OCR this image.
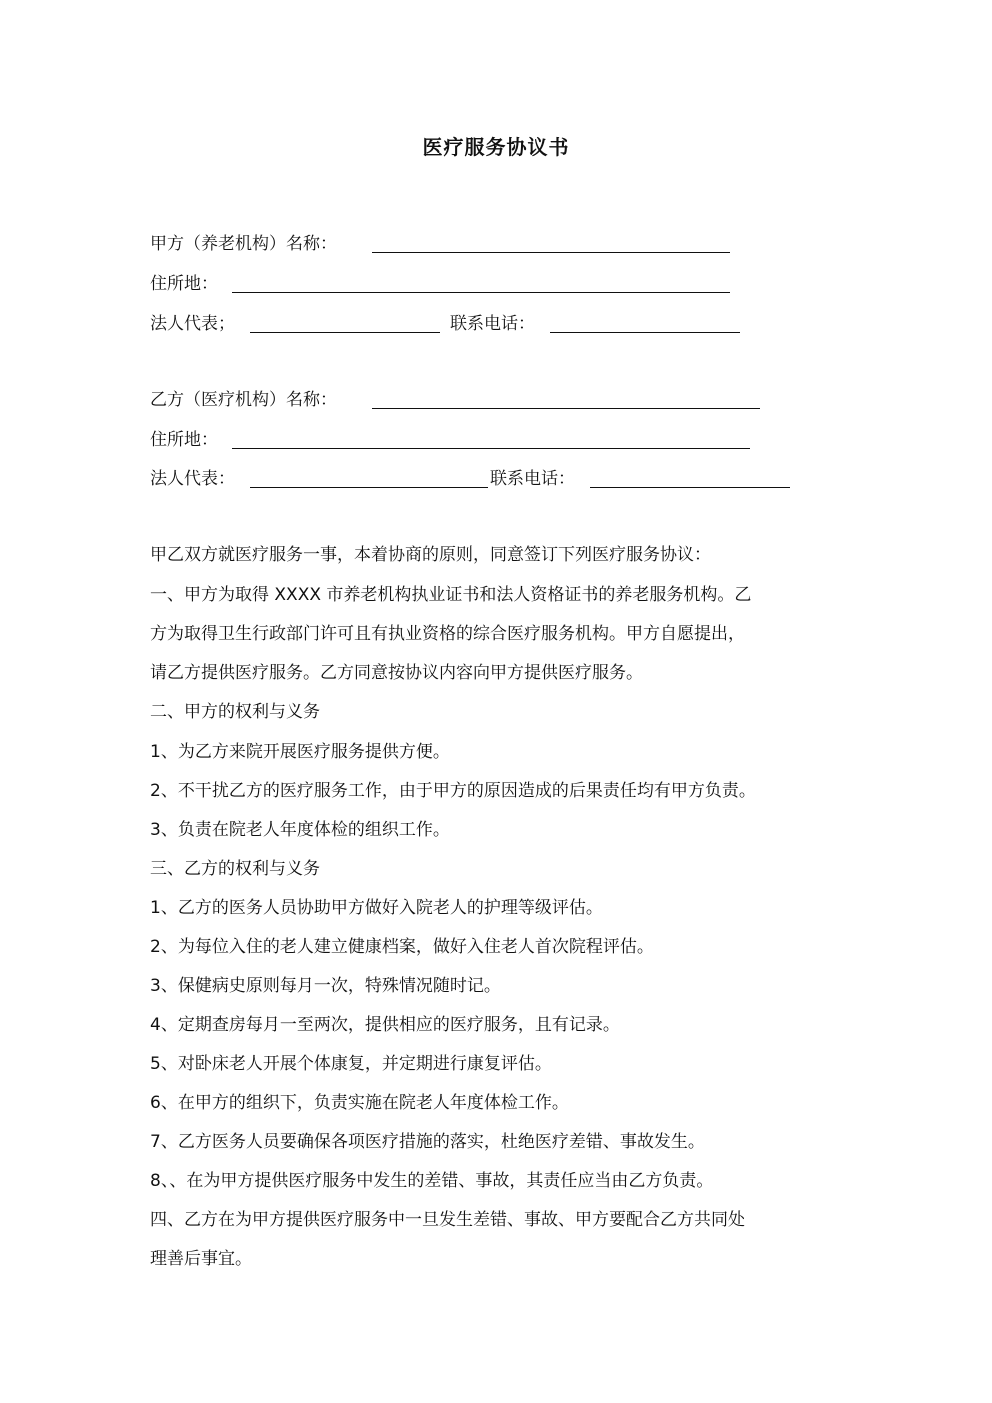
医疗服务协议书
甲方（养老机构）名称：
住所地：
法人代表；	联系电话：
乙方（医疗机构）名称：
住所地：
法人代表：	联系电话：
甲乙双方就医疗服务一事，本着协商的原则，同意签订下列医疗服务协议：
一、甲方为取得 XXXX 市养老机构执业证书和法人资格证书的养老服务机构。乙
方为取得卫生行政部门许可且有执业资格的综合医疗服务机构。甲方自愿提出，
请乙方提供医疗服务。乙方同意按协议内容向甲方提供医疗服务。
二、甲方的权利与义务
1、为乙方来院开展医疗服务提供方便。
2、不干扰乙方的医疗服务工作，由于甲方的原因造成的后果责任均有甲方负责。
3、负责在院老人年度体检的组织工作。
三、乙方的权利与义务
1、乙方的医务人员协助甲方做好入院老人的护理等级评估。
2、为每位入住的老人建立健康档案，做好入住老人首次院程评估。
3、保健病史原则每月一次，特殊情况随时记。
4、定期查房每月一至两次，提供相应的医疗服务，且有记录。
5、对卧床老人开展个体康复，并定期进行康复评估。
6、在甲方的组织下，负责实施在院老人年度体检工作。
7、乙方医务人员要确保各项医疗措施的落实，杜绝医疗差错、事故发生。
8、、在为甲方提供医疗服务中发生的差错、事故，其责任应当由乙方负责。
四、乙方在为甲方提供医疗服务中一旦发生差错、事故、甲方要配合乙方共同处
理善后事宜。
